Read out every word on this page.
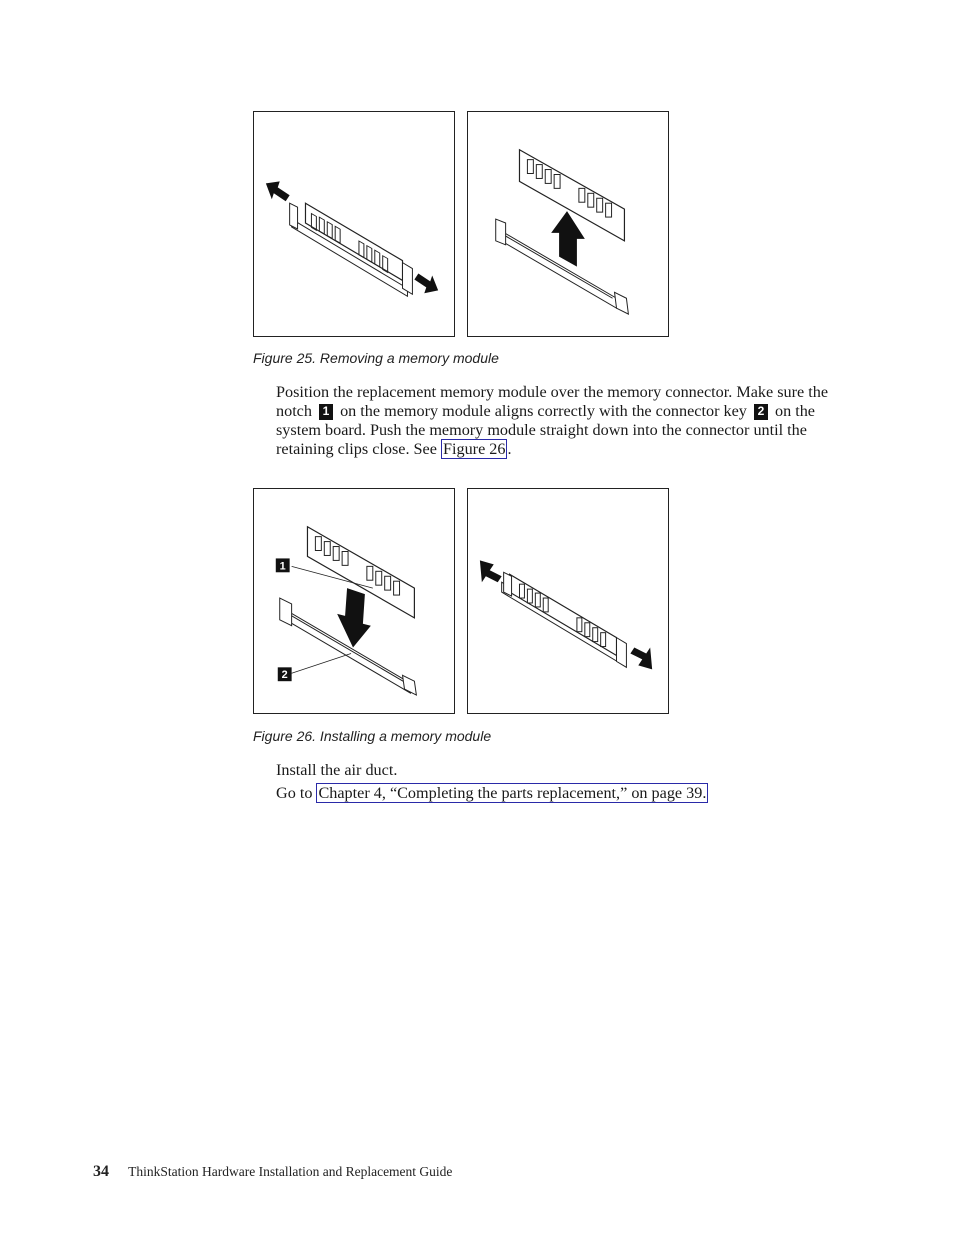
Figure 25. Removing a memory module
Position the replacement memory module over the memory connector. Make sure the notch 1 on the memory module aligns correctly with the connector key 2 on the system board. Push the memory module straight down into the connector until the retaining clips close. See Figure 26 .
1
2
Figure 26. Installing a memory module
Install the air duct.
Go to Chapter 4, “Completing the parts replacement,” on page 39.
34 ThinkStation Hardware Installation and Replacement Guide
